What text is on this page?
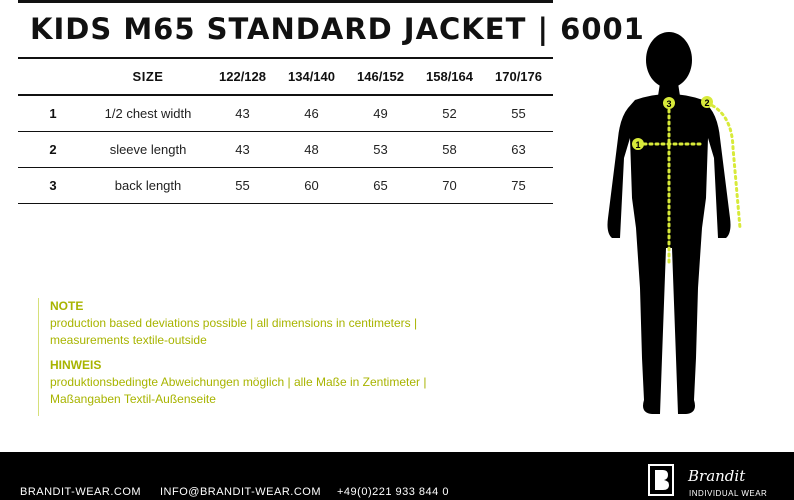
KIDS M65 STANDARD JACKET | 6001
	SIZE	122/128	134/140	146/152	158/164	170/176
1	1/2 chest width	43	46	49	52	55
2	sleeve length	43	48	53	58	63
3	back length	55	60	65	70	75
NOTE
production based deviations possible | all dimensions in centimeters |
measurements textile-outside
HINWEIS
produktionsbedingte Abweichungen möglich | alle Maße in Zentimeter |
Maßangaben Textil-Außenseite
1
3	2
BRANDIT-WEAR.COM INFO@BRANDIT-WEAR.COM +49(0)221 933 844 0
Brandit
INDIVIDUAL WEAR
